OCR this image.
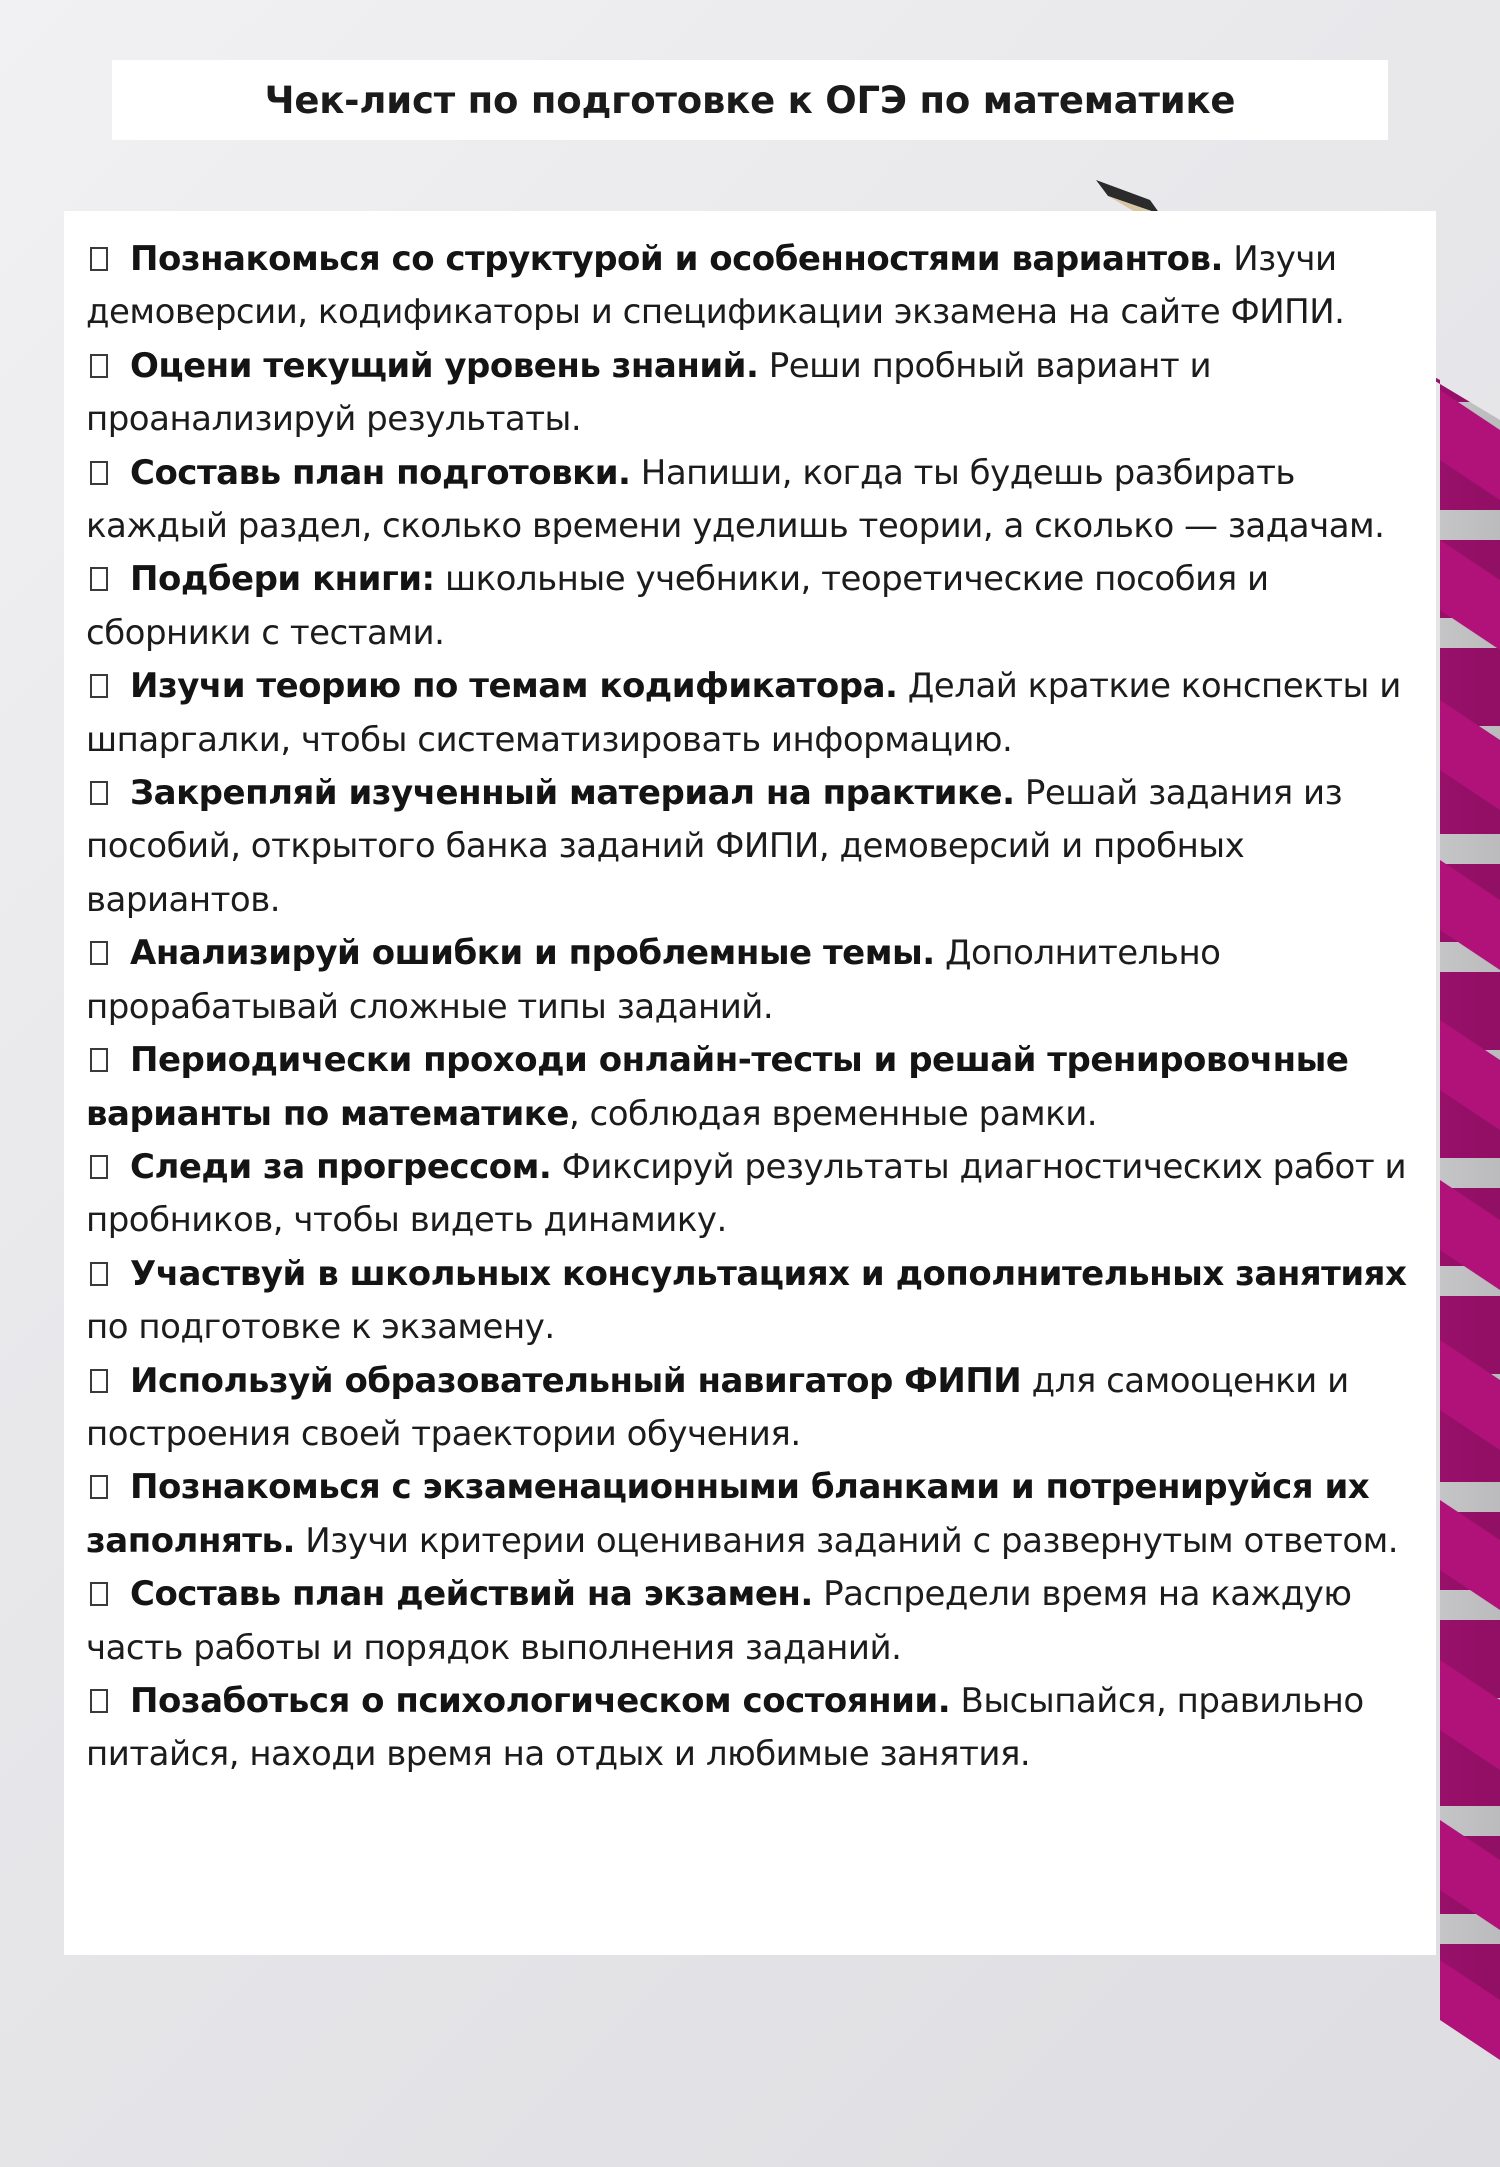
Чек-лист по подготовке к ОГЭ по математике
Познакомься со структурой и особенностями вариантов. Изучи демоверсии, кодификаторы и спецификации экзамена на сайте ФИПИ.
Оцени текущий уровень знаний. Реши пробный вариант и проанализируй результаты.
Составь план подготовки. Напиши, когда ты будешь разбирать каждый раздел, сколько времени уделишь теории, а сколько — задачам.
Подбери книги: школьные учебники, теоретические пособия и сборники с тестами.
Изучи теорию по темам кодификатора. Делай краткие конспекты и шпаргалки, чтобы систематизировать информацию.
Закрепляй изученный материал на практике. Решай задания из пособий, открытого банка заданий ФИПИ, демоверсий и пробных вариантов.
Анализируй ошибки и проблемные темы. Дополнительно прорабатывай сложные типы заданий.
Периодически проходи онлайн-тесты и решай тренировочные варианты по математике, соблюдая временные рамки.
Следи за прогрессом. Фиксируй результаты диагностических работ и пробников, чтобы видеть динамику.
Участвуй в школьных консультациях и дополнительных занятиях по подготовке к экзамену.
Используй образовательный навигатор ФИПИ для самооценки и построения своей траектории обучения.
Познакомься с экзаменационными бланками и потренируйся их заполнять. Изучи критерии оценивания заданий с развернутым ответом.
Составь план действий на экзамен. Распредели время на каждую часть работы и порядок выполнения заданий.
Позаботься о психологическом состоянии. Высыпайся, правильно питайся, находи время на отдых и любимые занятия.
